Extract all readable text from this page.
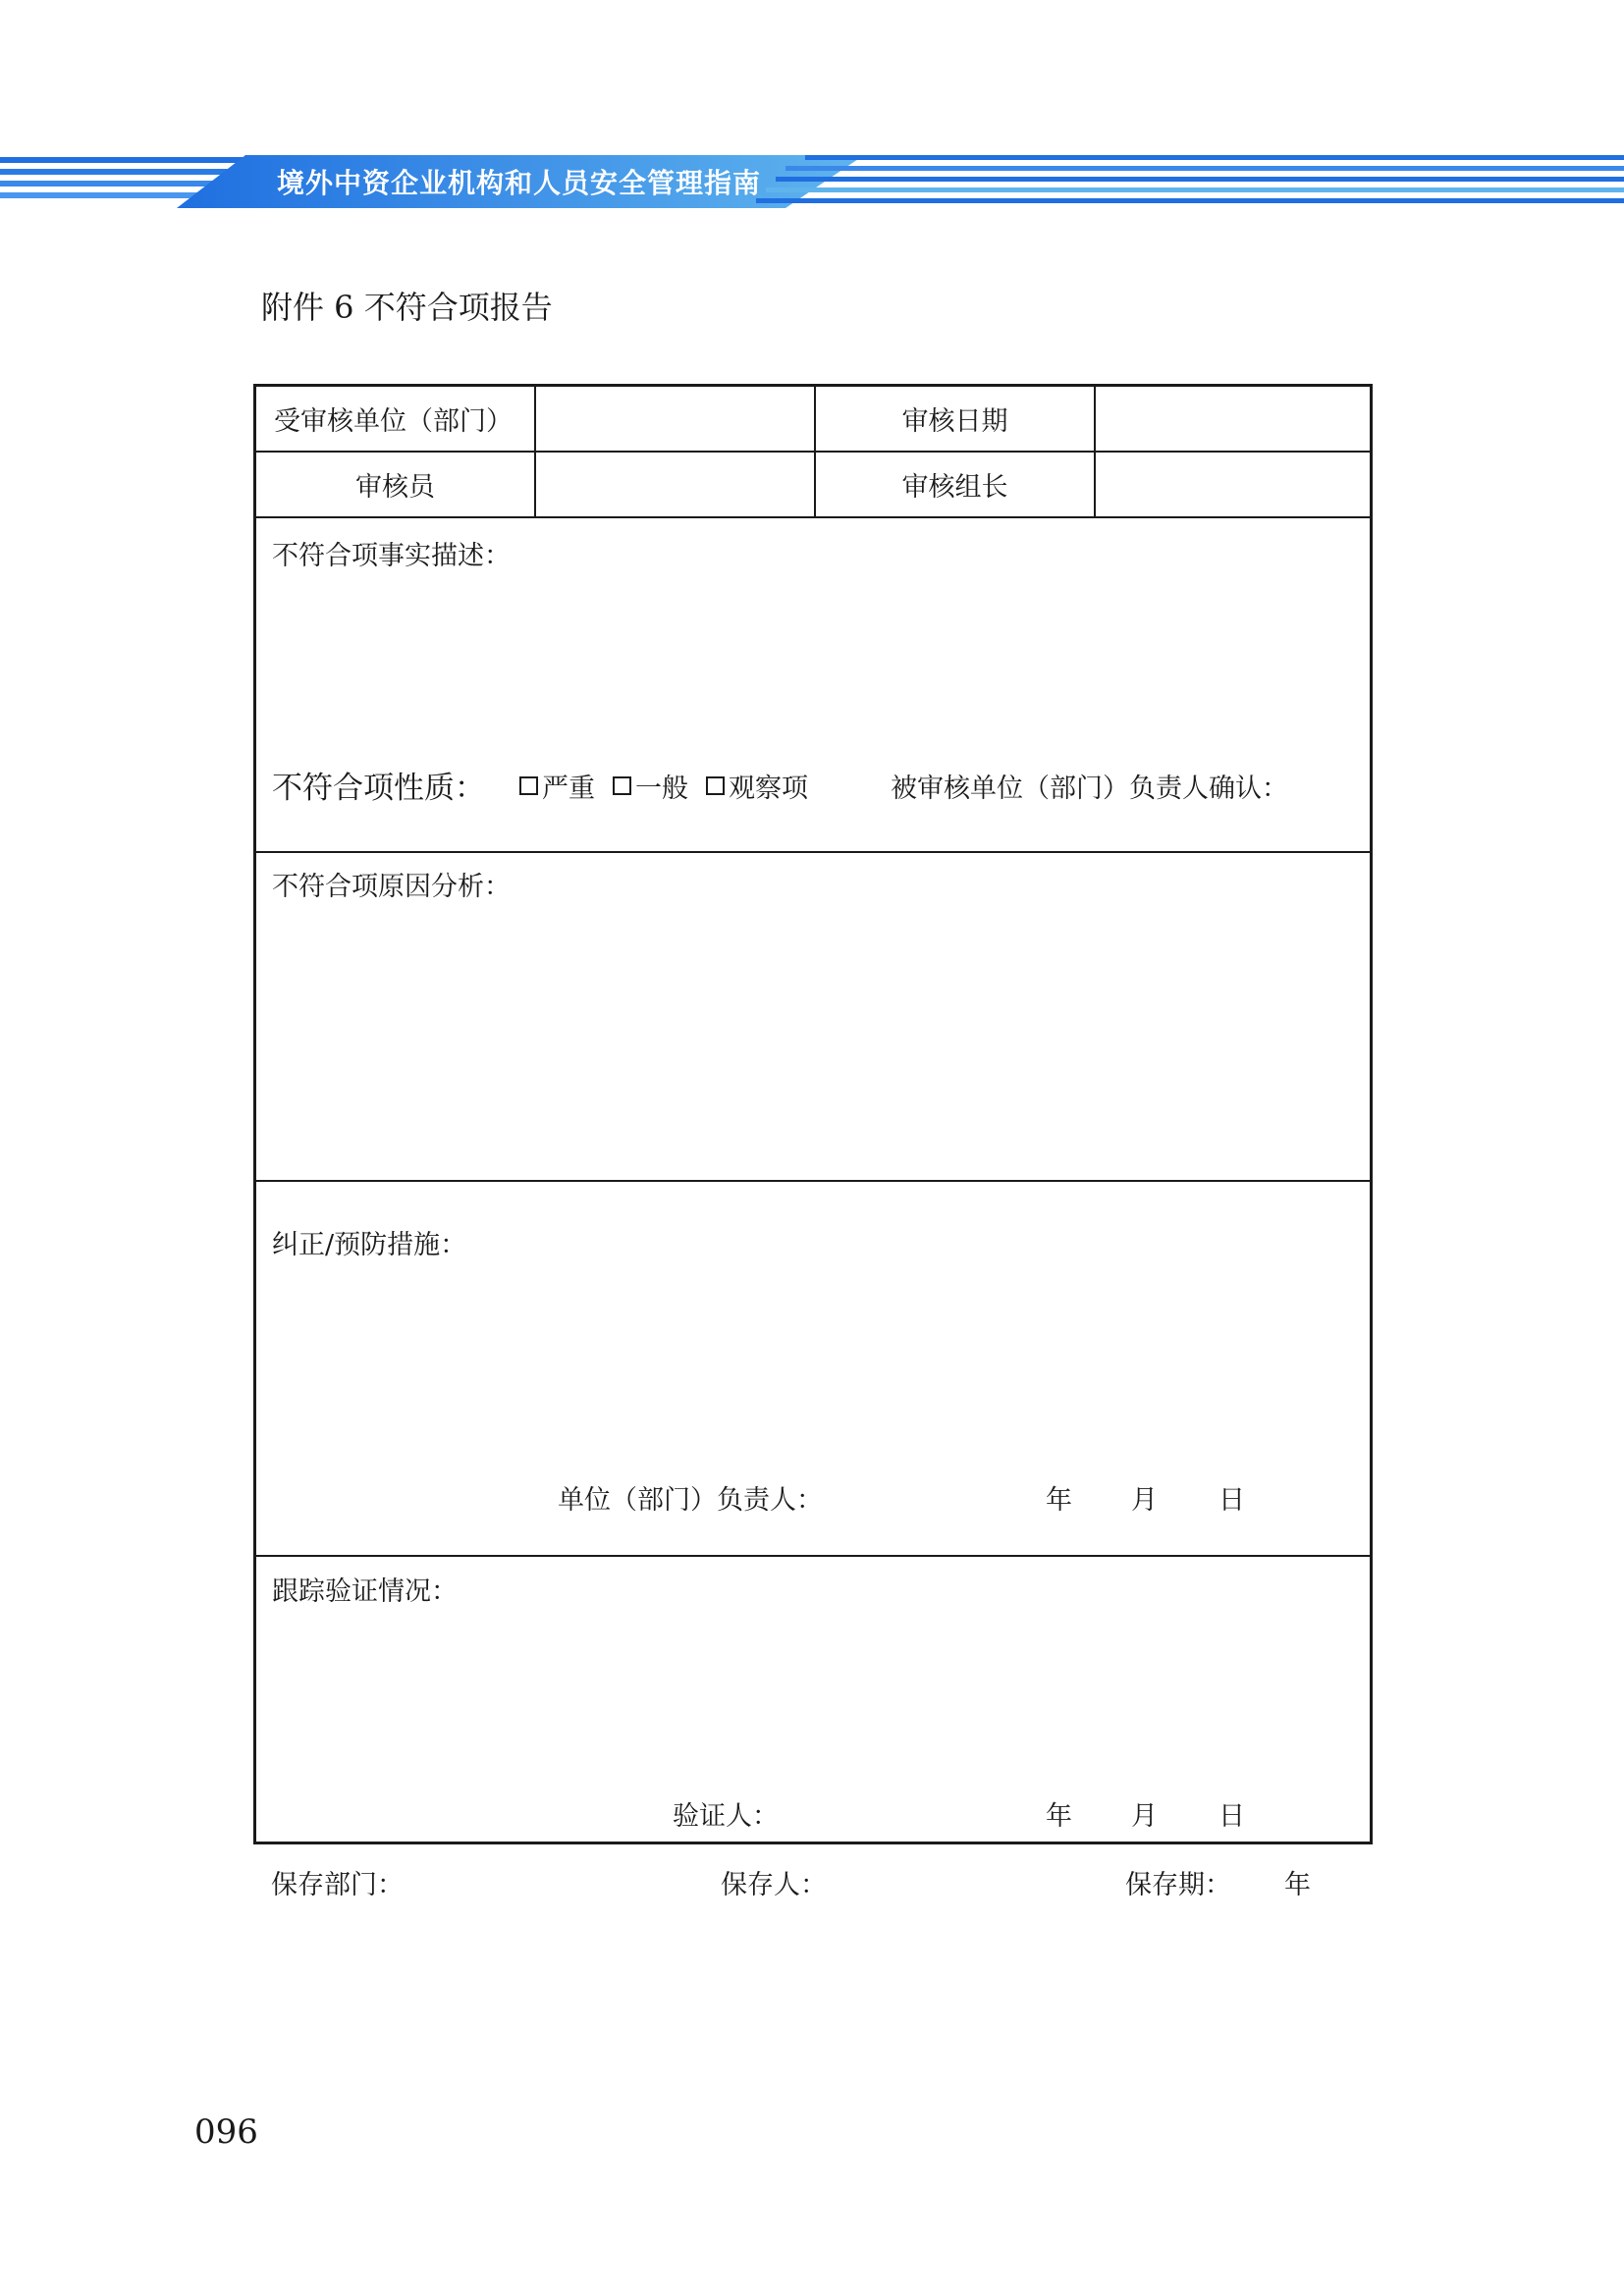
境外中资企业机构和人员安全管理指南
附件 6 不符合项报告
受审核单位（部门）	审核日期
审核员	审核组长
不符合项事实描述：
不符合项性质： 严重 一般 观察项	被审核单位（部门）负责人确认：
不符合项原因分析：
纠正/预防措施：
单位（部门）负责人：	年 月 日
跟踪验证情况：
验证人：	年 月 日
保存部门：	保存人：	保存期： 年
096
